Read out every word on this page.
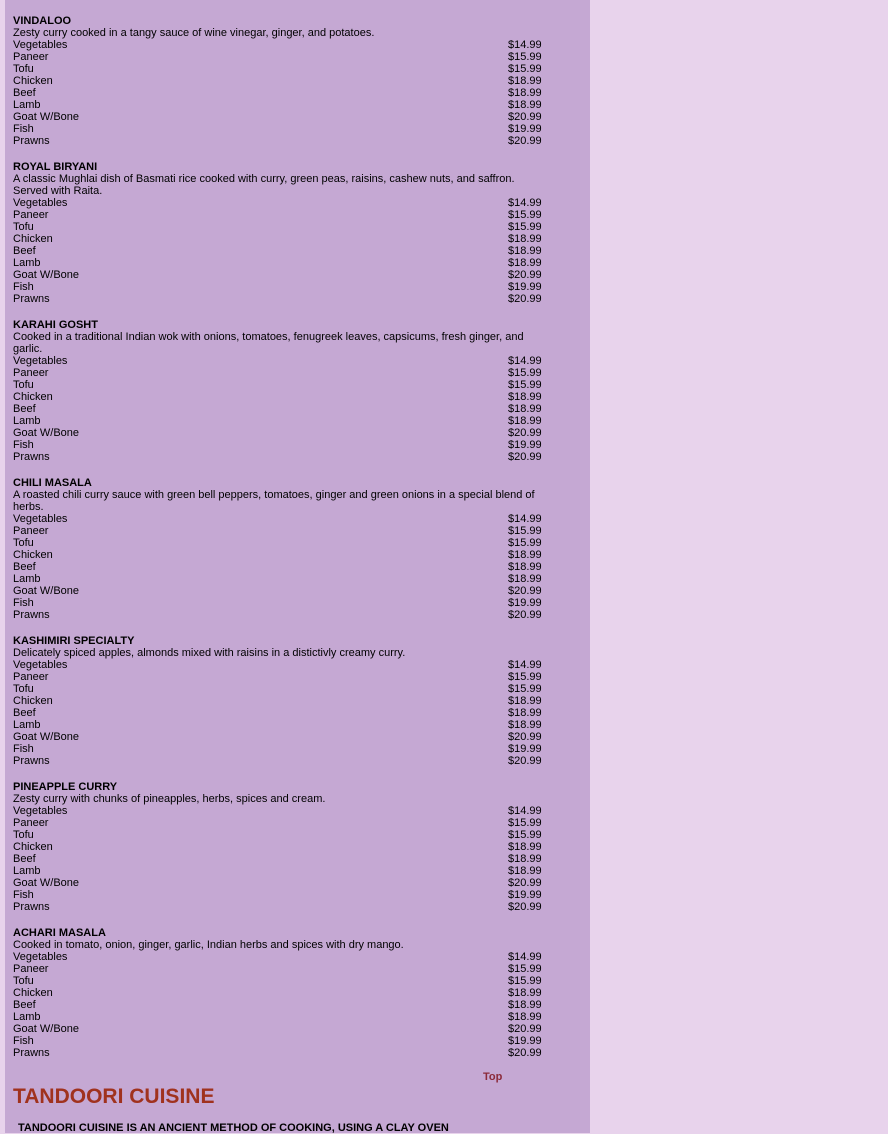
VINDALOO
Zesty curry cooked in a tangy sauce of wine vinegar, ginger, and potatoes.
Vegetables	$14.99
Paneer	$15.99
Tofu	$15.99
Chicken	$18.99
Beef	$18.99
Lamb	$18.99
Goat W/Bone	$20.99
Fish	$19.99
Prawns	$20.99
ROYAL BIRYANI
A classic Mughlai dish of Basmati rice cooked with curry, green peas, raisins, cashew nuts, and saffron. Served with Raita.
Vegetables	$14.99
Paneer	$15.99
Tofu	$15.99
Chicken	$18.99
Beef	$18.99
Lamb	$18.99
Goat W/Bone	$20.99
Fish	$19.99
Prawns	$20.99
KARAHI GOSHT
Cooked in a traditional Indian wok with onions, tomatoes, fenugreek leaves, capsicums, fresh ginger, and garlic.
Vegetables	$14.99
Paneer	$15.99
Tofu	$15.99
Chicken	$18.99
Beef	$18.99
Lamb	$18.99
Goat W/Bone	$20.99
Fish	$19.99
Prawns	$20.99
CHILI MASALA
A roasted chili curry sauce with green bell peppers, tomatoes, ginger and green onions in a special blend of herbs.
Vegetables	$14.99
Paneer	$15.99
Tofu	$15.99
Chicken	$18.99
Beef	$18.99
Lamb	$18.99
Goat W/Bone	$20.99
Fish	$19.99
Prawns	$20.99
KASHIMIRI SPECIALTY
Delicately spiced apples, almonds mixed with raisins in a distictivly creamy curry.
Vegetables	$14.99
Paneer	$15.99
Tofu	$15.99
Chicken	$18.99
Beef	$18.99
Lamb	$18.99
Goat W/Bone	$20.99
Fish	$19.99
Prawns	$20.99
PINEAPPLE CURRY
Zesty curry with chunks of pineapples, herbs, spices and cream.
Vegetables	$14.99
Paneer	$15.99
Tofu	$15.99
Chicken	$18.99
Beef	$18.99
Lamb	$18.99
Goat W/Bone	$20.99
Fish	$19.99
Prawns	$20.99
ACHARI MASALA
Cooked in tomato, onion, ginger, garlic, Indian herbs and spices with dry mango.
Vegetables	$14.99
Paneer	$15.99
Tofu	$15.99
Chicken	$18.99
Beef	$18.99
Lamb	$18.99
Goat W/Bone	$20.99
Fish	$19.99
Prawns	$20.99
Top
TANDOORI CUISINE
TANDOORI CUISINE IS AN ANCIENT METHOD OF COOKING, USING A CLAY OVEN
